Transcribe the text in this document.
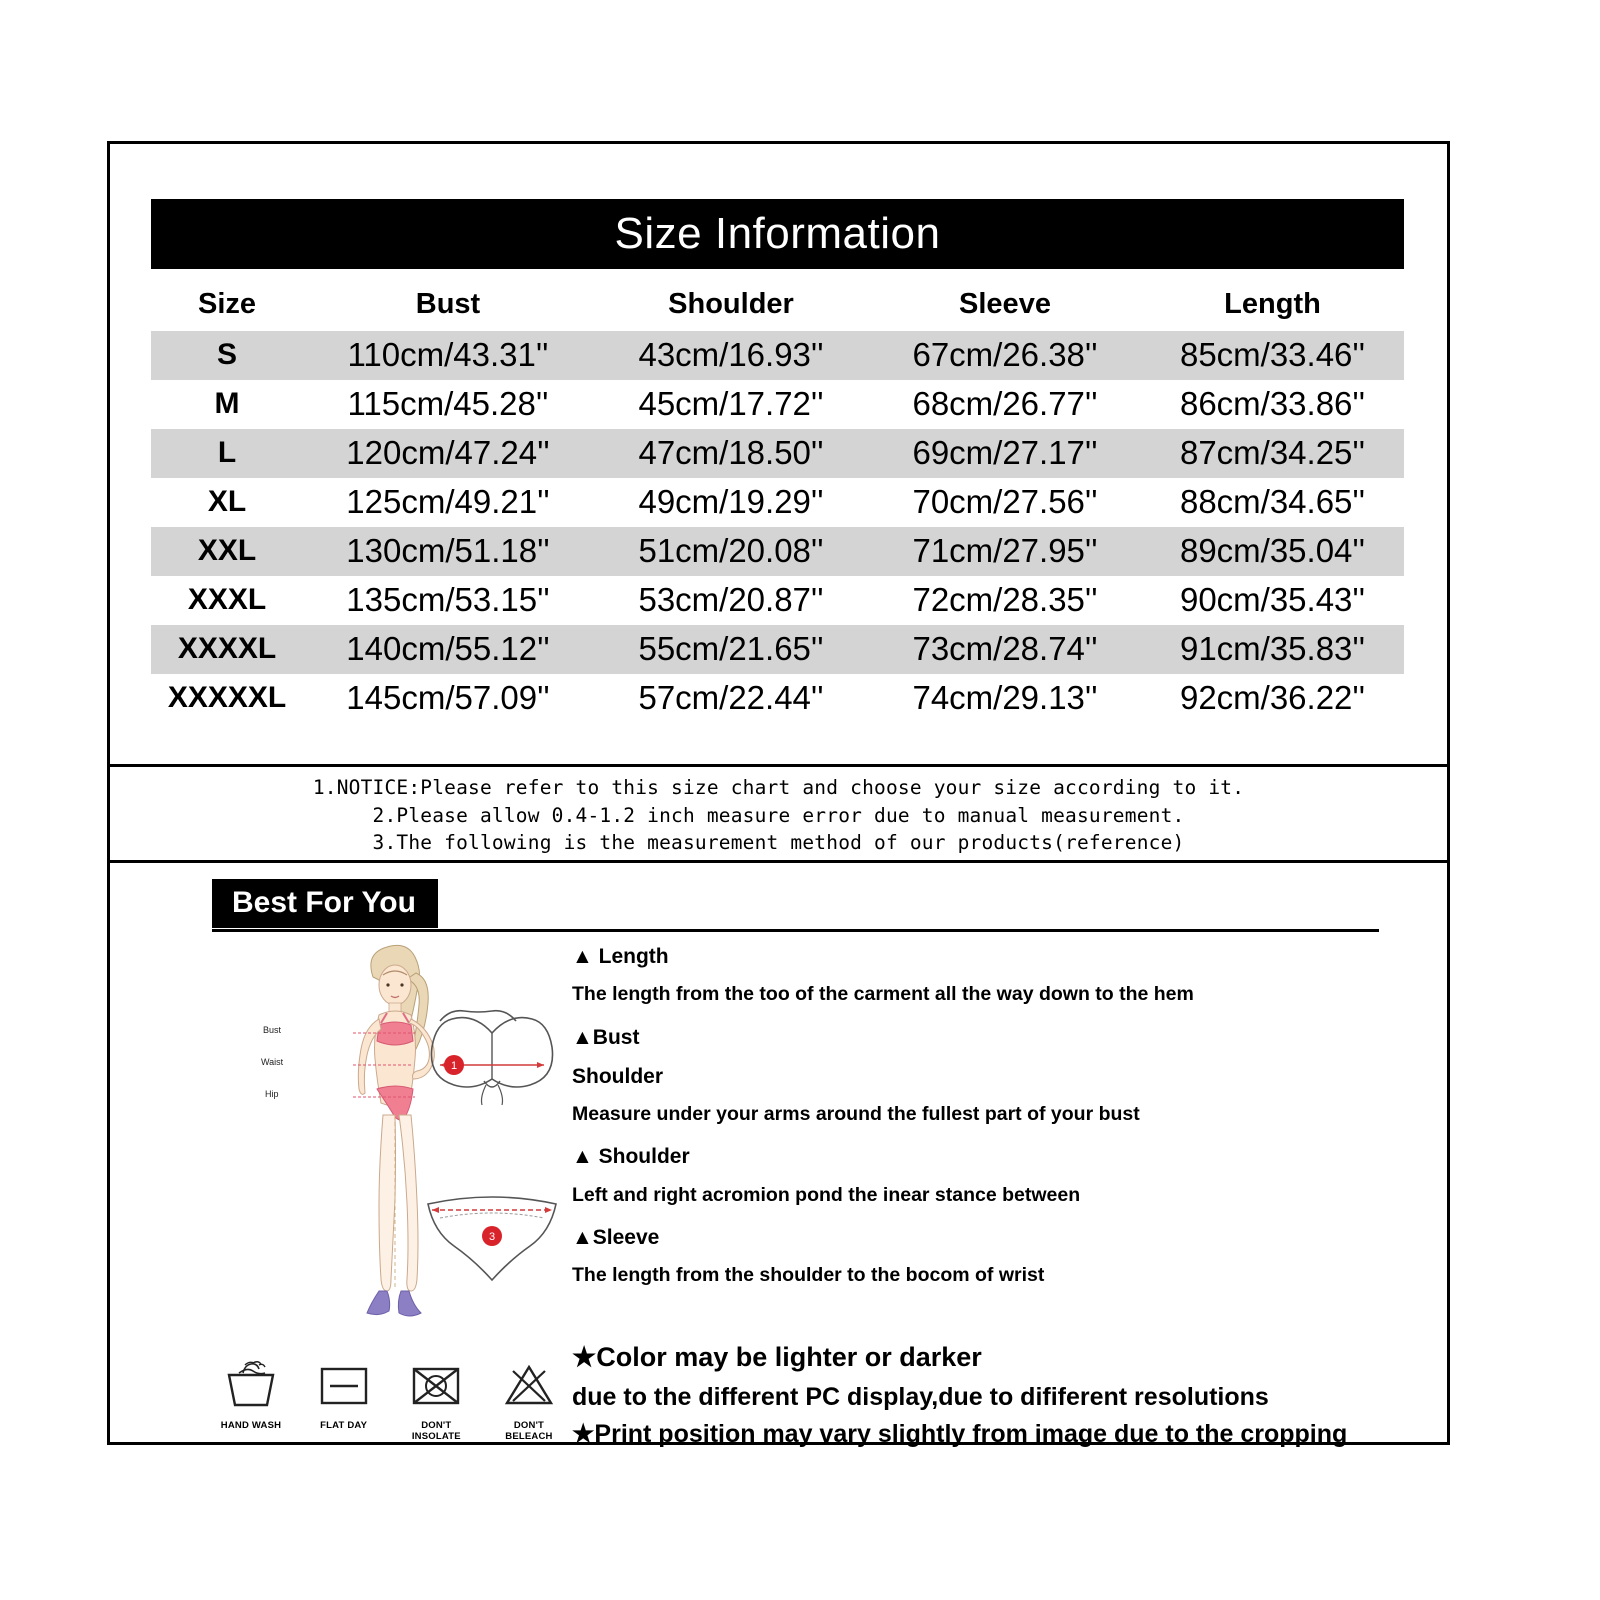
Size Information
Size	Bust	Shoulder	Sleeve	Length
S	110cm/43.31''	43cm/16.93''	67cm/26.38''	85cm/33.46''
M	115cm/45.28''	45cm/17.72''	68cm/26.77''	86cm/33.86''
L	120cm/47.24''	47cm/18.50''	69cm/27.17''	87cm/34.25''
XL	125cm/49.21''	49cm/19.29''	70cm/27.56''	88cm/34.65''
XXL	130cm/51.18''	51cm/20.08''	71cm/27.95''	89cm/35.04''
XXXL	135cm/53.15''	53cm/20.87''	72cm/28.35''	90cm/35.43''
XXXXL	140cm/55.12''	55cm/21.65''	73cm/28.74''	91cm/35.83''
XXXXXL	145cm/57.09''	57cm/22.44''	74cm/29.13''	92cm/36.22''
1.NOTICE:Please refer to this size chart and choose your size according to it.
2.Please allow 0.4-1.2 inch measure error due to manual measurement.
3.The following is the measurement method of our products(reference)
Best For You
Bust
Waist
Hip
1
3
HAND WASH	FLAT DAY	DON'T INSOLATE
DON'T BELEACH

▲ Length

The length from the too of the carment all the way down to the hem

▲Bust

Shoulder

Measure under your arms around the fullest part of your bust

▲ Shoulder

Left and right acromion pond the inear stance between

▲Sleeve

The length from the shoulder to the bocom of wrist

★Color may be lighter or darker

due to the different PC display,due to dififerent resolutions

★Print position may vary slightly from image due to the cropping
